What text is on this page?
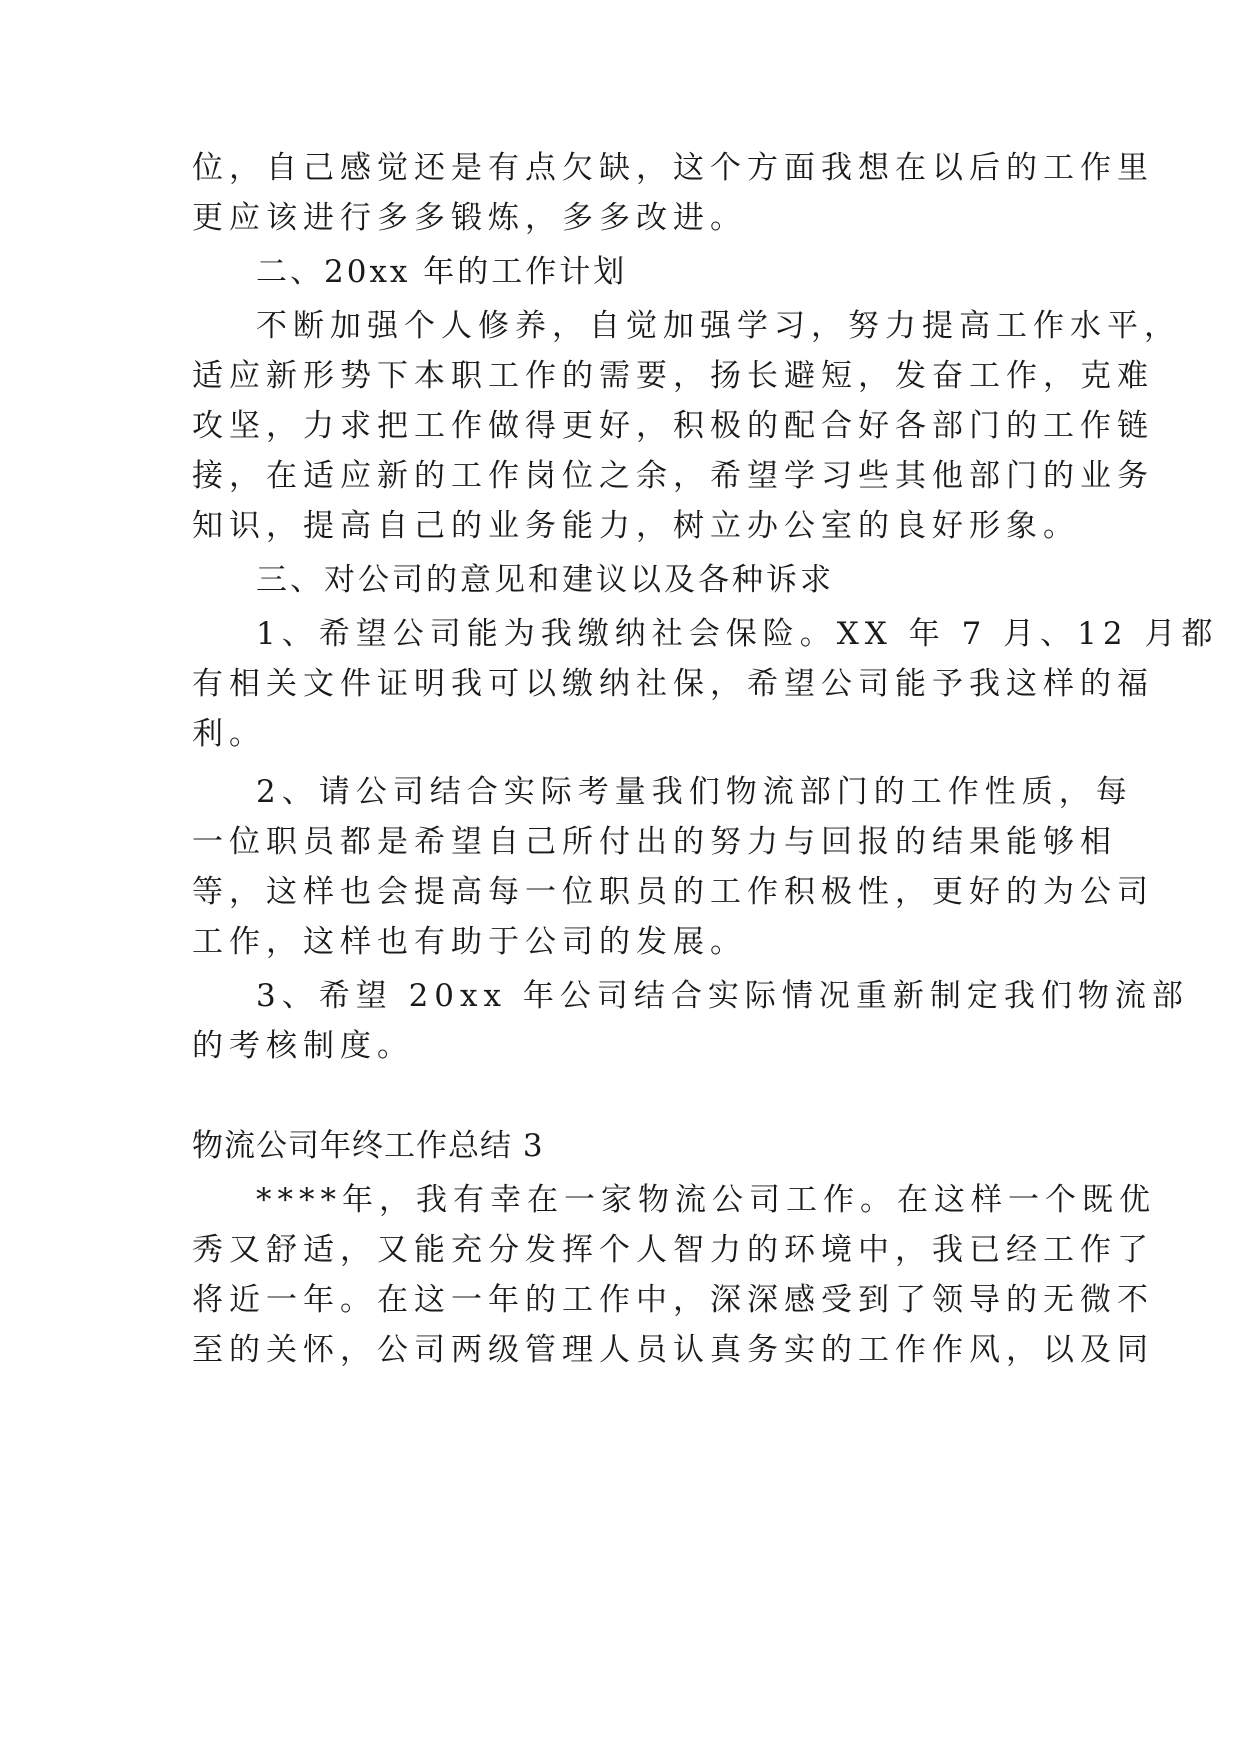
位，自己感觉还是有点欠缺，这个方面我想在以后的工作里
更应该进行多多锻炼，多多改进。
二、20xx 年的工作计划
不断加强个人修养，自觉加强学习，努力提高工作水平，
适应新形势下本职工作的需要，扬长避短，发奋工作，克难
攻坚，力求把工作做得更好，积极的配合好各部门的工作链
接，在适应新的工作岗位之余，希望学习些其他部门的业务
知识，提高自己的业务能力，树立办公室的良好形象。
三、对公司的意见和建议以及各种诉求
1、希望公司能为我缴纳社会保险。XX 年 7 月、12 月都
有相关文件证明我可以缴纳社保，希望公司能予我这样的福
利。
2、请公司结合实际考量我们物流部门的工作性质，每
一位职员都是希望自己所付出的努力与回报的结果能够相
等，这样也会提高每一位职员的工作积极性，更好的为公司
工作，这样也有助于公司的发展。
3、希望 20xx 年公司结合实际情况重新制定我们物流部
的考核制度。
物流公司年终工作总结 3
****年，我有幸在一家物流公司工作。在这样一个既优
秀又舒适，又能充分发挥个人智力的环境中，我已经工作了
将近一年。在这一年的工作中，深深感受到了领导的无微不
至的关怀，公司两级管理人员认真务实的工作作风，以及同
